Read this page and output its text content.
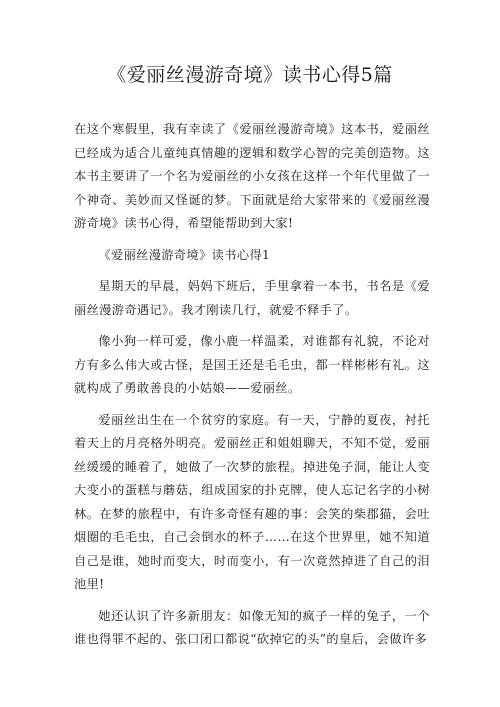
《爱丽丝漫游奇境》读书心得5篇

在这个寒假里，我有幸读了《爱丽丝漫游奇境》这本书，爱丽丝已经成为适合儿童纯真情趣的逻辑和数学心智的完美创造物。这本书主要讲了一个名为爱丽丝的小女孩在这样一个年代里做了一个神奇、美妙而又怪诞的梦。下面就是给大家带来的《爱丽丝漫游奇境》读书心得，希望能帮助到大家!

《爱丽丝漫游奇境》读书心得1

星期天的早晨，妈妈下班后，手里拿着一本书，书名是《爱丽丝漫游奇遇记》。我才刚读几行，就爱不释手了。

像小狗一样可爱，像小鹿一样温柔，对谁都有礼貌，不论对方有多么伟大或古怪，是国王还是毛毛虫，都一样彬彬有礼。这就构成了勇敢善良的小姑娘——爱丽丝。

爱丽丝出生在一个贫穷的家庭。有一天，宁静的夏夜，衬托着天上的月亮格外明亮。爱丽丝正和姐姐聊天，不知不觉，爱丽丝缓缓的睡着了，她做了一次梦的旅程。掉进兔子洞，能让人变大变小的蛋糕与蘑菇，组成国家的扑克牌，使人忘记名字的小树林。在梦的旅程中，有许多奇怪有趣的事：会笑的柴郡猫，会吐烟圈的毛毛虫，自己会倒水的杯子……在这个世界里，她不知道自己是谁，她时而变大，时而变小，有一次竟然掉进了自己的泪池里!

她还认识了许多新朋友：如像无知的疯子一样的兔子，一个谁也得罪不起的、张口闭口都说“砍掉它的头”的皇后，会做许多
